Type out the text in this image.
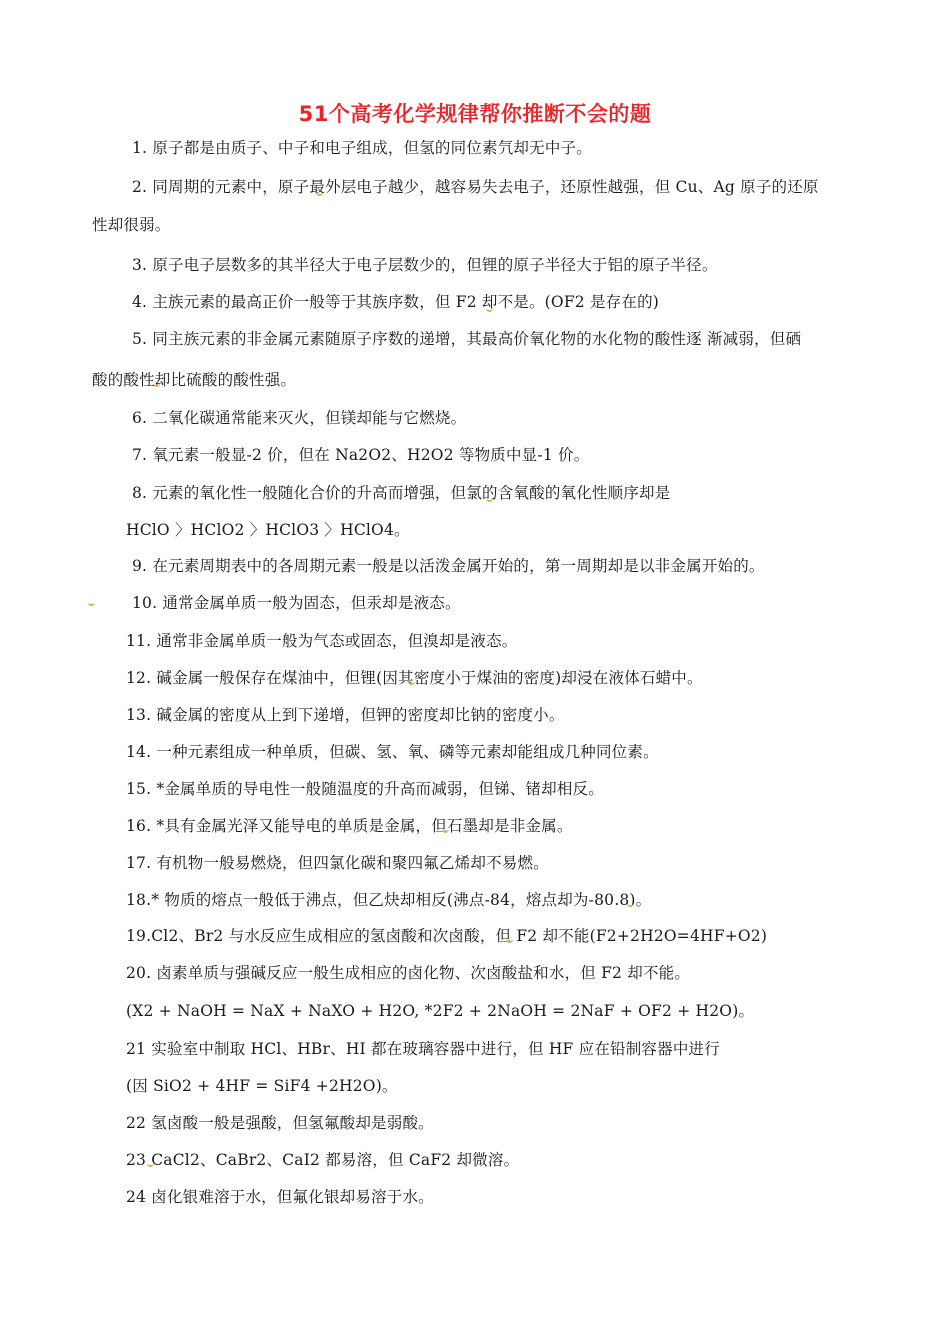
51个高考化学规律帮你推断不会的题
1. 原子都是由质子、中子和电子组成，但氢的同位素氕却无中子。
2. 同周期的元素中，原子最外层电子越少，越容易失去电子，还原性越强，但 Cu、Ag 原子的还原
性却很弱。
3. 原子电子层数多的其半径大于电子层数少的，但锂的原子半径大于铝的原子半径。
4. 主族元素的最高正价一般等于其族序数，但 F2 却不是。(OF2 是存在的)
5. 同主族元素的非金属元素随原子序数的递增，其最高价氧化物的水化物的酸性逐 渐减弱，但硒
酸的酸性却比硫酸的酸性强。
6. 二氧化碳通常能来灭火，但镁却能与它燃烧。
7. 氧元素一般显-2 价，但在 Na2O2、H2O2 等物质中显-1 价。
8. 元素的氧化性一般随化合价的升高而增强，但氯的含氧酸的氧化性顺序却是
HClO 〉HClO2 〉HClO3 〉HClO4。
9. 在元素周期表中的各周期元素一般是以活泼金属开始的，第一周期却是以非金属开始的。
10. 通常金属单质一般为固态，但汞却是液态。
11. 通常非金属单质一般为气态或固态，但溴却是液态。
12. 碱金属一般保存在煤油中，但锂(因其密度小于煤油的密度)却浸在液体石蜡中。
13. 碱金属的密度从上到下递增，但钾的密度却比钠的密度小。
14. 一种元素组成一种单质，但碳、氢、氧、磷等元素却能组成几种同位素。
15. *金属单质的导电性一般随温度的升高而减弱，但锑、锗却相反。
16. *具有金属光泽又能导电的单质是金属，但石墨却是非金属。
17. 有机物一般易燃烧，但四氯化碳和聚四氟乙烯却不易燃。
18.* 物质的熔点一般低于沸点，但乙炔却相反(沸点-84，熔点却为-80.8)。
19.Cl2、Br2 与水反应生成相应的氢卤酸和次卤酸，但 F2 却不能(F2+2H2O=4HF+O2)
20. 卤素单质与强碱反应一般生成相应的卤化物、次卤酸盐和水，但 F2 却不能。
(X2 + NaOH = NaX + NaXO + H2O, *2F2 + 2NaOH = 2NaF + OF2 + H2O)。
21 实验室中制取 HCl、HBr、HI 都在玻璃容器中进行，但 HF 应在铅制容器中进行
(因 SiO2 + 4HF = SiF4 +2H2O)。
22 氢卤酸一般是强酸，但氢氟酸却是弱酸。
23 CaCl2、CaBr2、CaI2 都易溶，但 CaF2 却微溶。
24 卤化银难溶于水，但氟化银却易溶于水。
